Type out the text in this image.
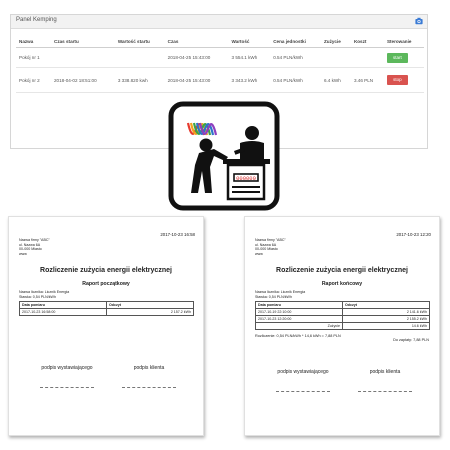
Panel Kemping
Nazwa	Czas startu	Wartość startu	Czas	Wartość	Cena jednostki	Zużycie	Koszt	Sterowanie
Pokój nr 1			2018-04-25 15:43:00	3 554.1 kWh	0.54 PLN/kWh			start
Pokój nr 2	2018-04-02 18:51:00	3 338.820 kwh	2018-04-25 15:43:00	3 343.2 kWh	0.54 PLN/kWh	6.4 kWh	3.46 PLN	stop
000000
2017-10-23 16:58
Nazwa firmy "ABC"
ul. Nazwa 6A
00-000 Miasto
www
Rozliczenie zużycia energii elektrycznej
Raport początkowy
Nazwa licznika: Licznik Energia
Stawka: 0,54 PLN/kWh
Data pomiaru	Odczyt
2017-10-23 16:58:00	2 157.2 kWh
podpis wystawiającego	podpis klienta
2017-10-23 12:20
Nazwa firmy "ABC"
ul. Nazwa 6A
00-000 Miasto
www
Rozliczenie zużycia energii elektrycznej
Raport końcowy
Nazwa licznika: Licznik Energia
Stawka: 0,54 PLN/kWh
Data pomiaru	Odczyt
2017-10-19 22:10:00	2 141.6 kWh
2017-10-23 12:20:00	2 155.2 kWh
Zużycie	14.6 kWh
Rozliczenie: 0,54 PLN/kWh * 14,6 kWh = 7,88 PLN
Do zapłaty: 7,88 PLN
podpis wystawiającego	podpis klienta
